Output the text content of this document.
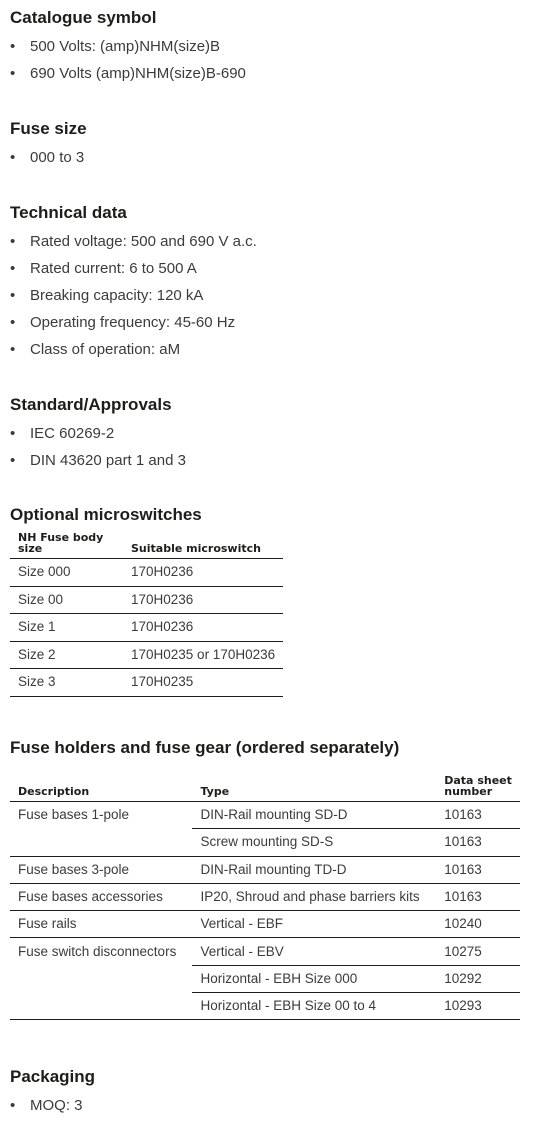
Catalogue symbol
• 500 Volts: (amp)NHM(size)B
• 690 Volts (amp)NHM(size)B-690
Fuse size
• 000 to 3
Technical data
• Rated voltage: 500 and 690 V a.c.
• Rated current: 6 to 500 A
• Breaking capacity: 120 kA
• Operating frequency: 45-60 Hz
• Class of operation: aM
Standard/Approvals
• IEC 60269-2
• DIN 43620 part 1 and 3
Optional microswitches
NH Fuse body size	Suitable microswitch
Size 000	170H0236
Size 00	170H0236
Size 1	170H0236
Size 2	170H0235 or 170H0236
Size 3	170H0235
Fuse holders and fuse gear (ordered separately)
Description	Type	Data sheet number
Fuse bases 1-pole	DIN-Rail mounting SD-D	10163
	Screw mounting SD-S	10163
Fuse bases 3-pole	DIN-Rail mounting TD-D	10163
Fuse bases accessories	IP20, Shroud and phase barriers kits	10163
Fuse rails	Vertical - EBF	10240
Fuse switch disconnectors	Vertical - EBV	10275
	Horizontal - EBH Size 000	10292
	Horizontal - EBH Size 00 to 4	10293
Packaging
• MOQ: 3
